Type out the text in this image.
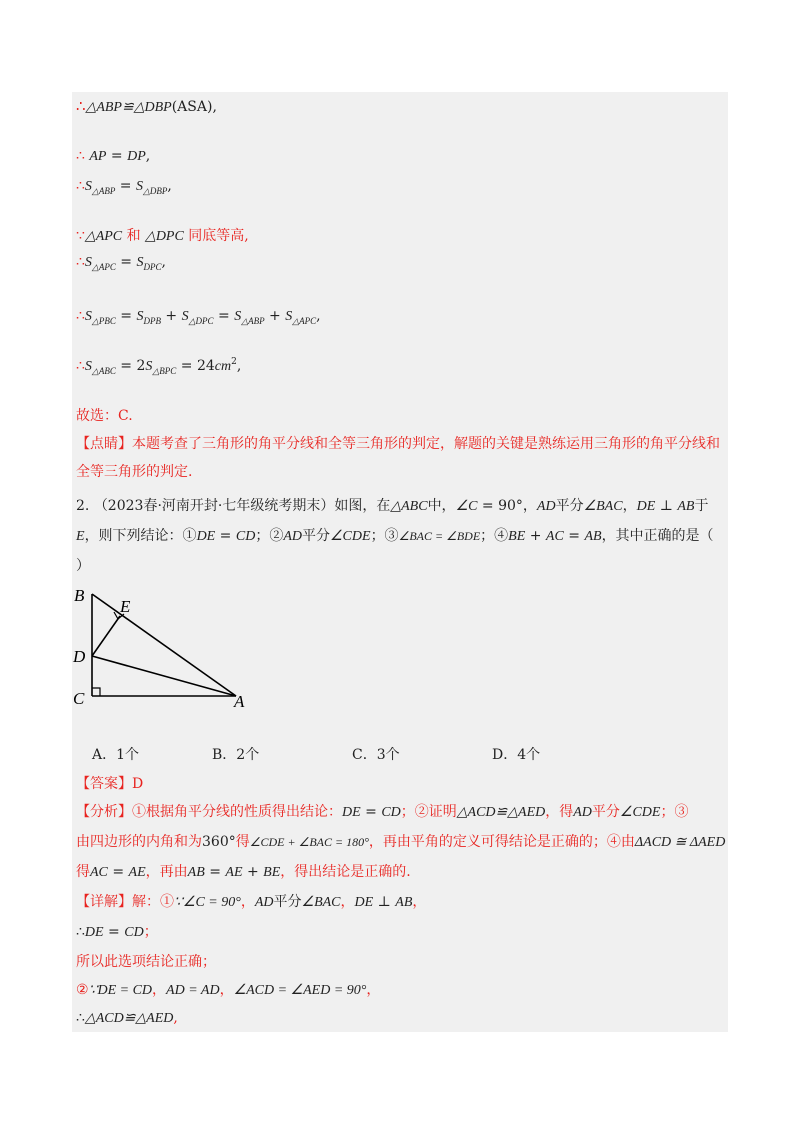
∴△ABP≌△DBP(ASA),
∴ AP = DP,
$\therefore S_{\triangle ABP} = S_{\triangle DBP}$,
∵△APC 和 △DPC 同底等高,
$\therefore S_{\triangle APC} = S_{DPC}$,
$\therefore S_{\triangle PBC} = S_{DPB} + S_{\triangle DPC} = S_{\triangle ABP} + S_{\triangle APC}$,
$\therefore S_{\triangle ABC} = 2S_{\triangle BPC} = 24cm^2$,
故选：C.
【点睛】本题考查了三角形的角平分线和全等三角形的判定，解题的关键是熟练运用三角形的角平分线和
全等三角形的判定.
2. （2023春·河南开封·七年级统考期末）如图，在△ABC中，∠C = 90°，AD平分∠BAC，DE ⊥ AB于
E，则下列结论：①DE = CD；②AD平分∠CDE；③∠BAC = ∠BDE；④BE + AC = AB，其中正确的是（
）
B
E
D
C	A
A．1个	B．2个	C．3个	D．4个
【答案】D
【分析】①根据角平分线的性质得出结论：DE = CD；②证明△ACD≌△AED，得AD平分∠CDE；③
由四边形的内角和为360°得∠CDE + ∠BAC = 180°，再由平角的定义可得结论是正确的；④由ΔACD ≅ ΔAED
得AC = AE，再由AB = AE + BE，得出结论是正确的.
【详解】解：①∵∠C = 90°，AD平分∠BAC，DE ⊥ AB，
∴DE = CD；
所以此选项结论正确；
②∵DE = CD，AD = AD，∠ACD = ∠AED = 90°，
∴△ACD≌△AED,
